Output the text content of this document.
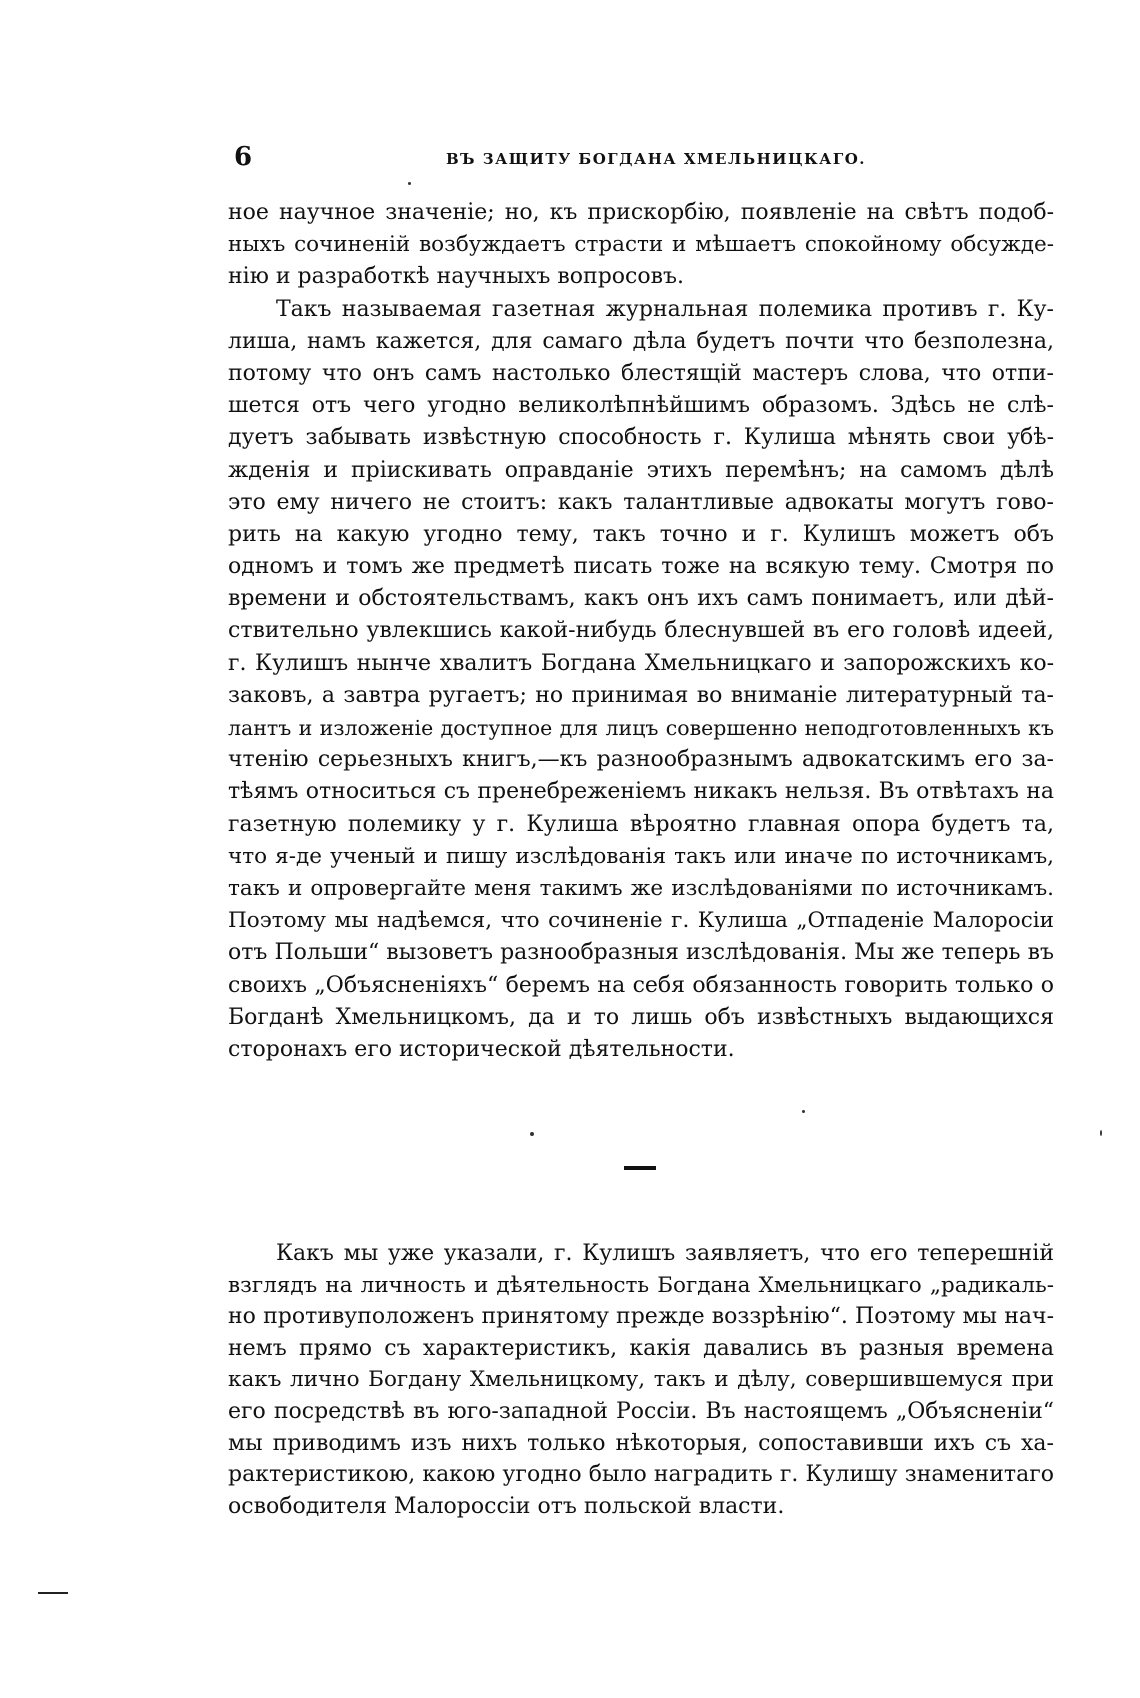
6	ВЪ ЗАЩИТУ БОГДАНА ХМЕЛЬНИЦКАГО.
ное научное значеніе; но, къ прискорбію, появленіе на свѣтъ подоб-
ныхъ сочиненій возбуждаетъ страсти и мѣшаетъ спокойному обсужде-
нію и разработкѣ научныхъ вопросовъ.
Такъ называемая газетная журнальная полемика противъ г. Ку-
лиша, намъ кажется, для самаго дѣла будетъ почти что безполезна,
потому что онъ самъ настолько блестящій мастеръ слова, что отпи-
шется отъ чего угодно великолѣпнѣйшимъ образомъ. Здѣсь не слѣ-
дуетъ забывать извѣстную способность г. Кулиша мѣнять свои убѣ-
жденія и пріискивать оправданіе этихъ перемѣнъ; на самомъ дѣлѣ
это ему ничего не стоитъ: какъ талантливые адвокаты могутъ гово-
рить на какую угодно тему, такъ точно и г. Кулишъ можетъ объ
одномъ и томъ же предметѣ писать тоже на всякую тему. Смотря по
времени и обстоятельствамъ, какъ онъ ихъ самъ понимаетъ, или дѣй-
ствительно увлекшись какой-нибудь блеснувшей въ его головѣ идеей,
г. Кулишъ нынче хвалитъ Богдана Хмельницкаго и запорожскихъ ко-
заковъ, а завтра ругаетъ; но принимая во вниманіе литературный та-
лантъ и изложеніе доступное для лицъ совершенно неподготовленныхъ къ
чтенію серьезныхъ книгъ,—къ разнообразнымъ адвокатскимъ его за-
тѣямъ относиться съ пренебреженіемъ никакъ нельзя. Въ отвѣтахъ на
газетную полемику у г. Кулиша вѣроятно главная опора будетъ та,
что я-де ученый и пишу изслѣдованія такъ или иначе по источникамъ,
такъ и опровергайте меня такимъ же изслѣдованіями по источникамъ.
Поэтому мы надѣемся, что сочиненіе г. Кулиша „Отпаденіе Малоросіи
отъ Польши“ вызоветъ разнообразныя изслѣдованія. Мы же теперь въ
своихъ „Объясненіяхъ“ беремъ на себя обязанность говорить только о
Богданѣ Хмельницкомъ, да и то лишь объ извѣстныхъ выдающихся
сторонахъ его исторической дѣятельности.
Какъ мы уже указали, г. Кулишъ заявляетъ, что его теперешній
взглядъ на личность и дѣятельность Богдана Хмельницкаго „радикаль-
но противуположенъ принятому прежде воззрѣнію“. Поэтому мы нач-
немъ прямо съ характеристикъ, какія давались въ разныя времена
какъ лично Богдану Хмельницкому, такъ и дѣлу, совершившемуся при
его посредствѣ въ юго-западной Россіи. Въ настоящемъ „Объясненіи“
мы приводимъ изъ нихъ только нѣкоторыя, сопоставивши ихъ съ ха-
рактеристикою, какою угодно было наградить г. Кулишу знаменитаго
освободителя Малороссіи отъ польской власти.
